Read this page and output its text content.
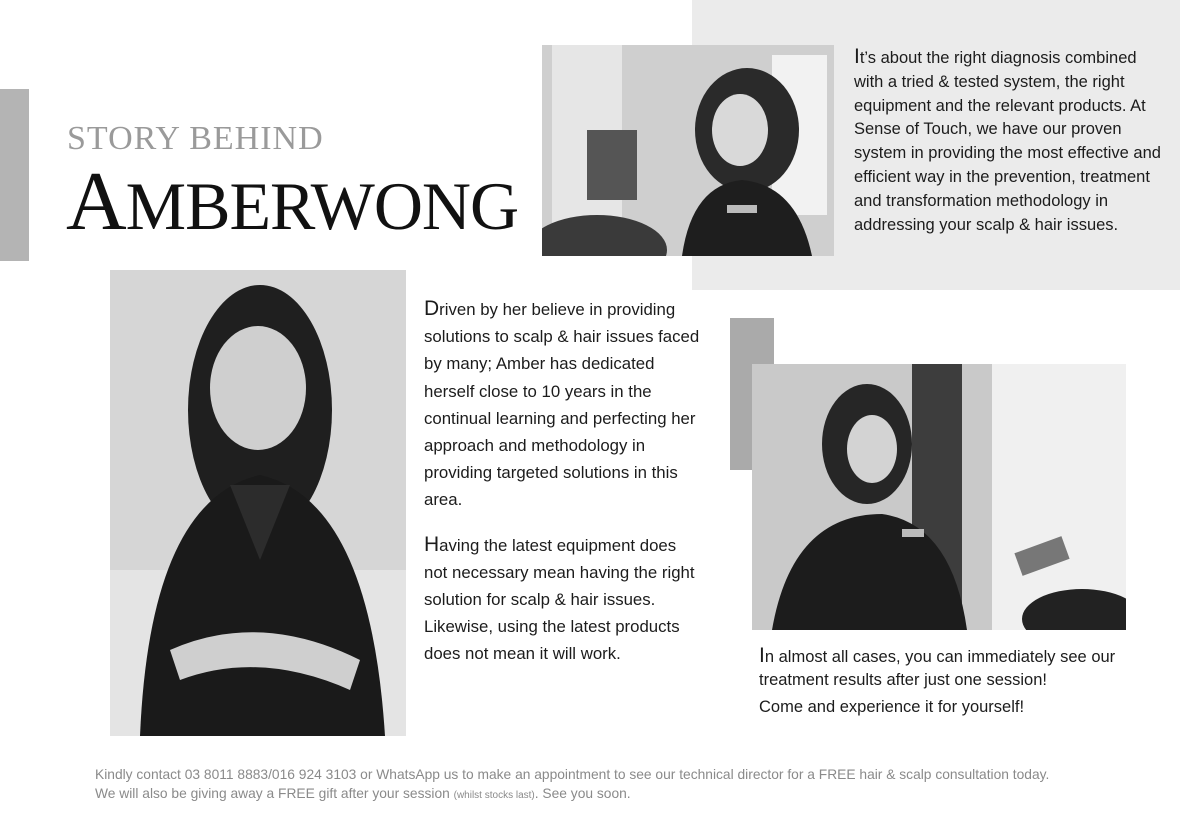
STORY BEHIND
AMBERWONG
It’s about the right diagnosis combined with a tried & tested system, the right equipment and the relevant products. At Sense of Touch, we have our proven system in providing the most effective and efficient way in the prevention, treatment and transformation methodology in addressing your scalp & hair issues.

Driven by her believe in providing solutions to scalp & hair issues faced by many; Amber has dedicated herself close to 10 years in the continual learning and perfecting her approach and methodology in providing targeted solutions in this area.

Having the latest equipment does not necessary mean having the right solution for scalp & hair issues. Likewise, using the latest products does not mean it will work.	In almost all cases, you can immediately see our treatment results after just one session!

Come and experience it for yourself!

Kindly contact 03 8011 8883/016 924 3103 or WhatsApp us to make an appointment to see our technical director for a FREE hair & scalp consultation today.
We will also be giving away a FREE gift after your session (whilst stocks last). See you soon.
